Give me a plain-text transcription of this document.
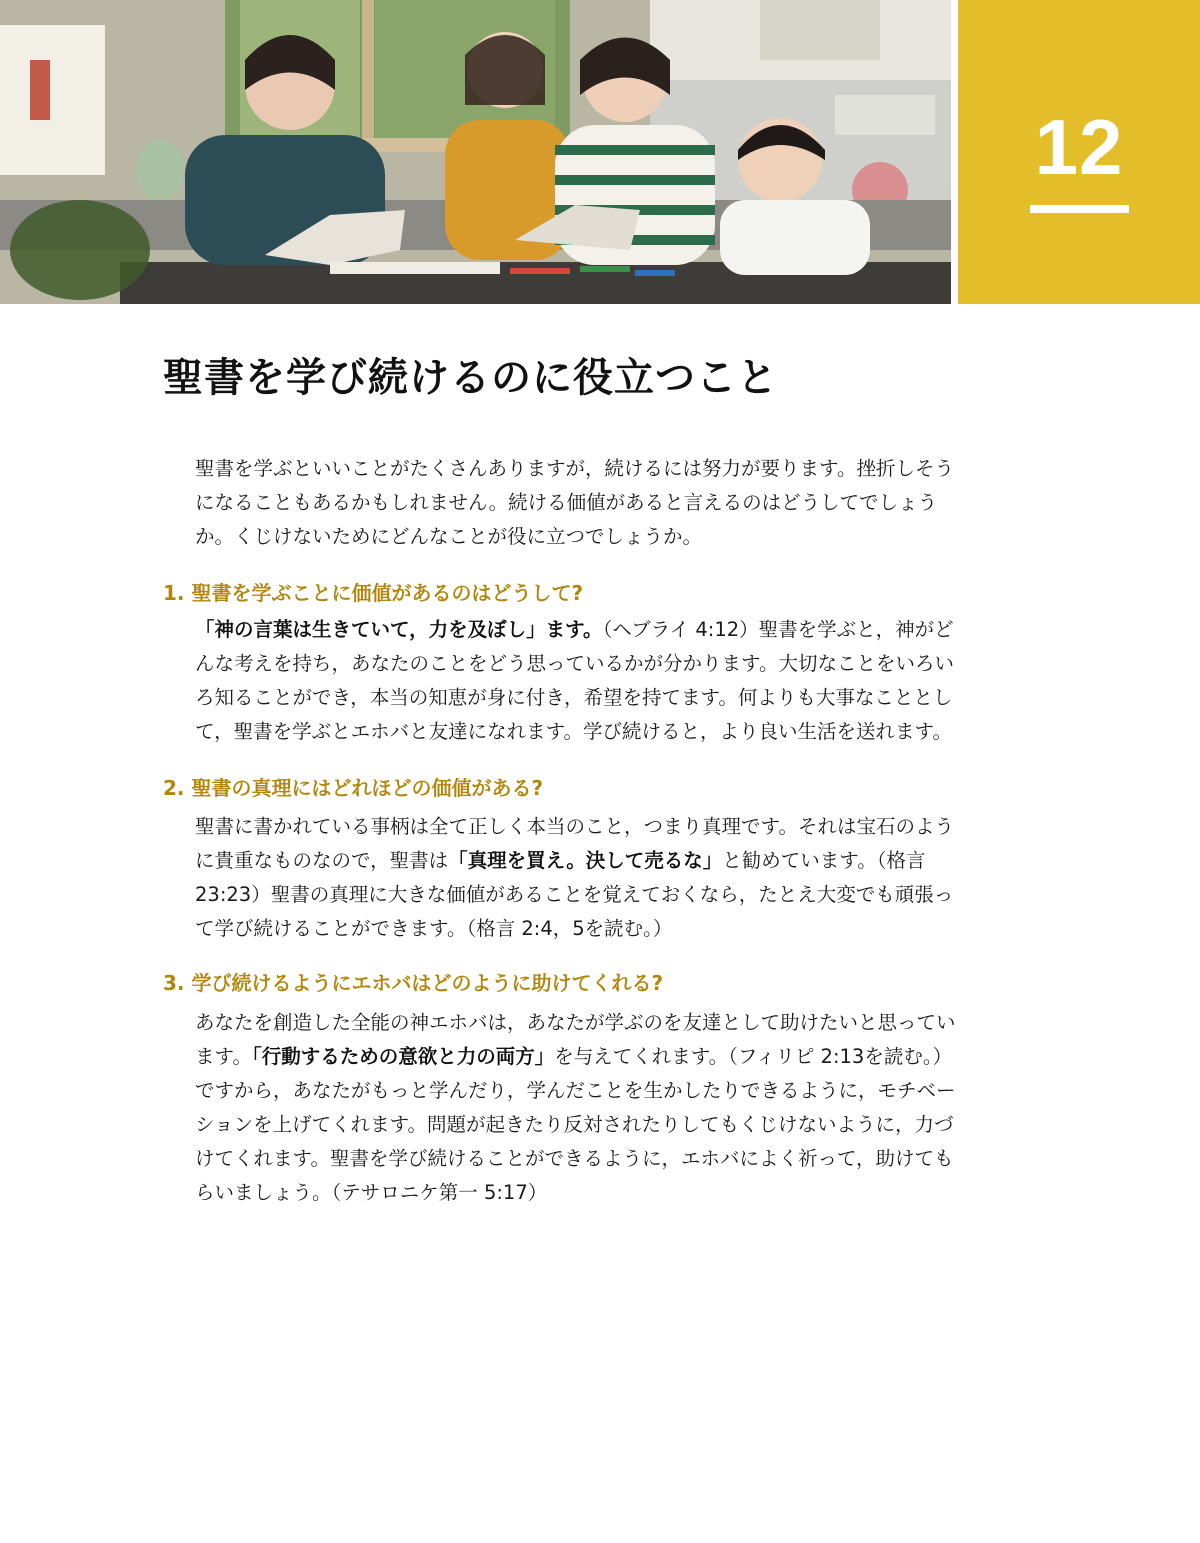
12
聖書を学び続けるのに役立つこと

聖書を学ぶといいことがたくさんありますが，続けるには努力が要ります。挫折しそうになることもあるかもしれません。続ける価値があると言えるのはどうしてでしょうか。くじけないためにどんなことが役に立つでしょうか。

1. 聖書を学ぶことに価値があるのはどうして?

「神の言葉は生きていて，力を及ぼし」ます。（ヘブライ 4:12）聖書を学ぶと，神がどんな考えを持ち，あなたのことをどう思っているかが分かります。大切なことをいろいろ知ることができ，本当の知恵が身に付き，希望を持てます。何よりも大事なこととして，聖書を学ぶとエホバと友達になれます。学び続けると，より良い生活を送れます。

2. 聖書の真理にはどれほどの価値がある?

聖書に書かれている事柄は全て正しく本当のこと，つまり真理です。それは宝石のように貴重なものなので，聖書は「真理を買え。決して売るな」と勧めています。（格言 23:23）聖書の真理に大きな価値があることを覚えておくなら，たとえ大変でも頑張って学び続けることができます。（格言 2:4，5を読む。）

3. 学び続けるようにエホバはどのように助けてくれる?

あなたを創造した全能の神エホバは，あなたが学ぶのを友達として助けたいと思っています。「行動するための意欲と力の両方」を与えてくれます。（フィリピ 2:13を読む。）ですから，あなたがもっと学んだり，学んだことを生かしたりできるように，モチベーションを上げてくれます。問題が起きたり反対されたりしてもくじけないように，力づけてくれます。聖書を学び続けることができるように，エホバによく祈って，助けてもらいましょう。（テサロニケ第一 5:17）
